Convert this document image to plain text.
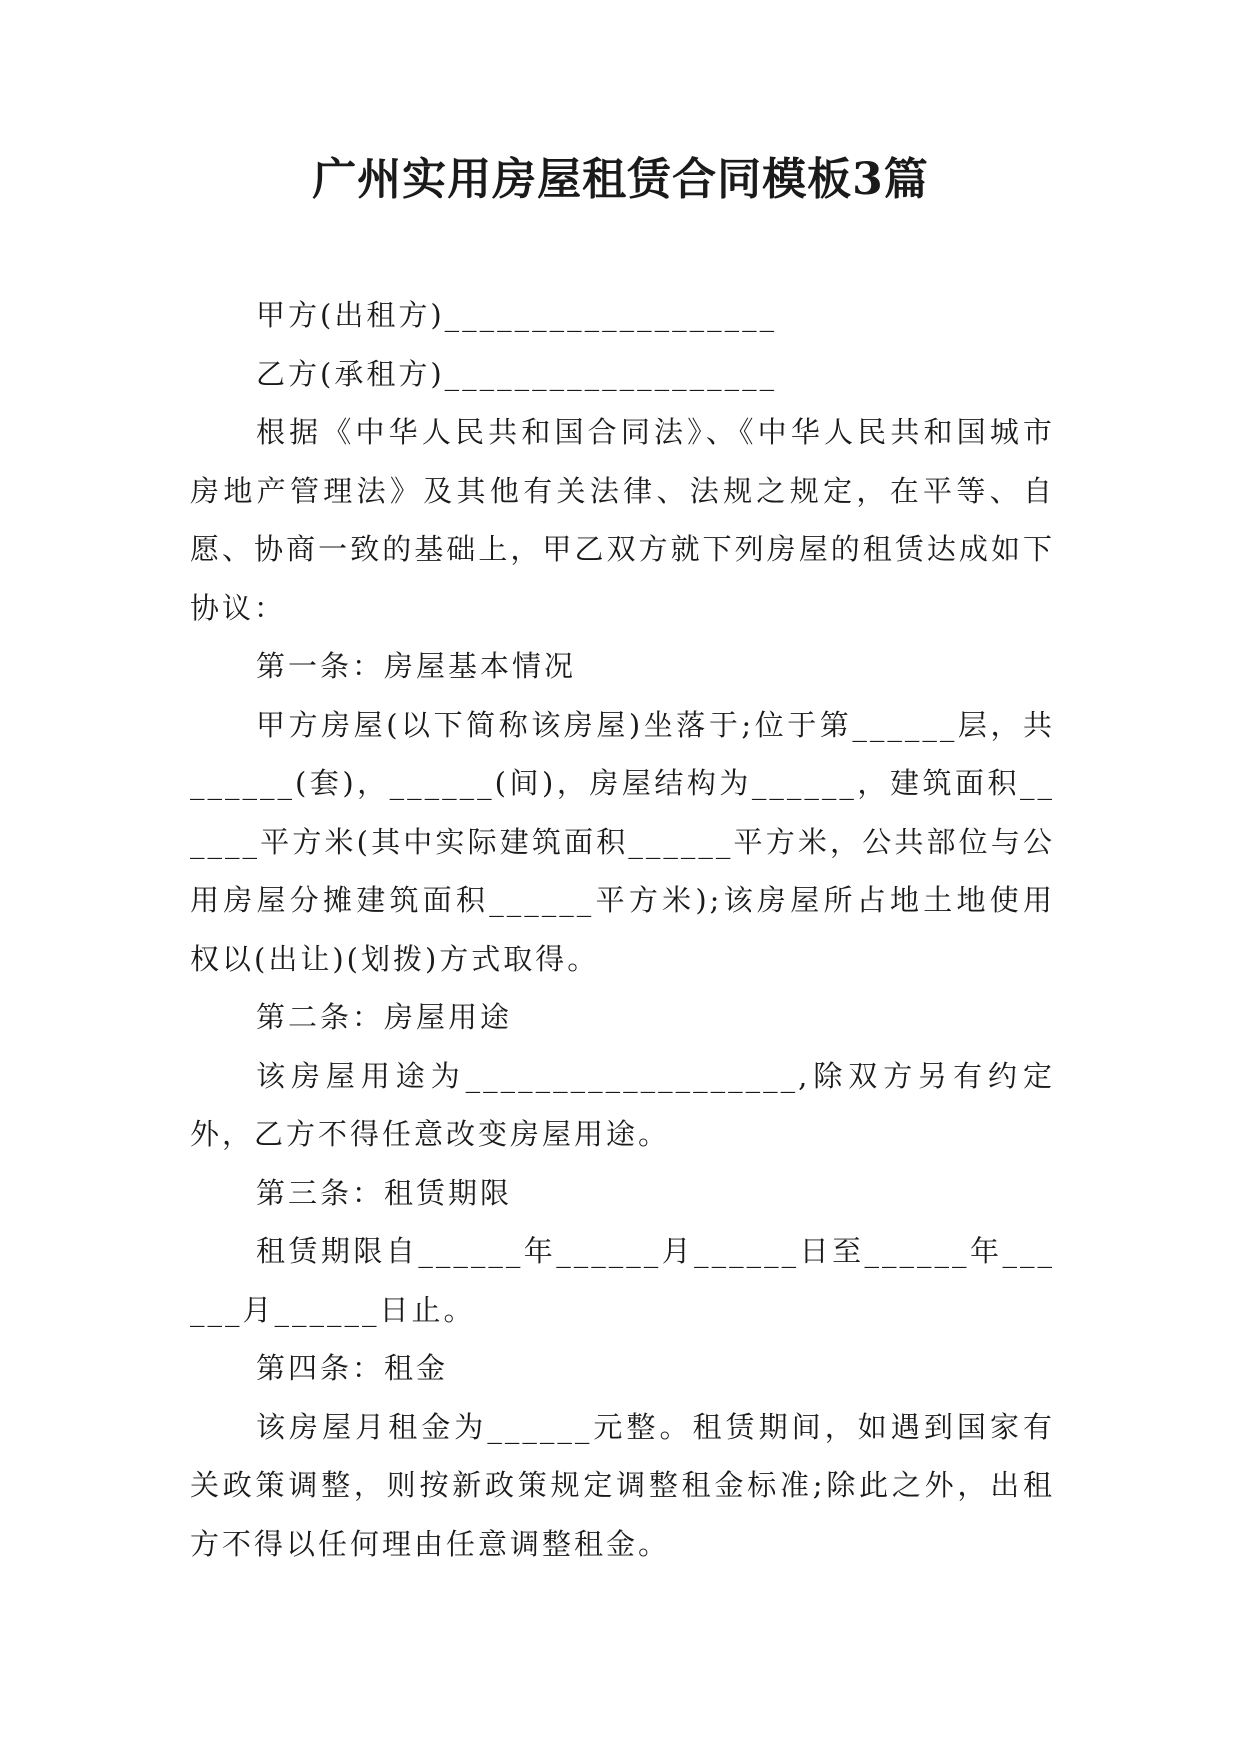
广州实用房屋租赁合同模板3篇

甲方(出租方)___________________

乙方(承租方)___________________

根据《中华人民共和国合同法》、《中华人民共和国城市房地产管理法》及其他有关法律、法规之规定，在平等、自愿、协商一致的基础上，甲乙双方就下列房屋的租赁达成如下协议：

第一条：房屋基本情况

甲方房屋(以下简称该房屋)坐落于;位于第______层，共______(套)，______(间)，房屋结构为______，建筑面积______平方米(其中实际建筑面积______平方米，公共部位与公用房屋分摊建筑面积______平方米);该房屋所占地土地使用权以(出让)(划拨)方式取得。

第二条：房屋用途

该房屋用途为___________________,除双方另有约定外，乙方不得任意改变房屋用途。

第三条：租赁期限

租赁期限自______年______月______日至______年______月______日止。

第四条：租金

该房屋月租金为______元整。租赁期间，如遇到国家有关政策调整，则按新政策规定调整租金标准;除此之外，出租方不得以任何理由任意调整租金。
